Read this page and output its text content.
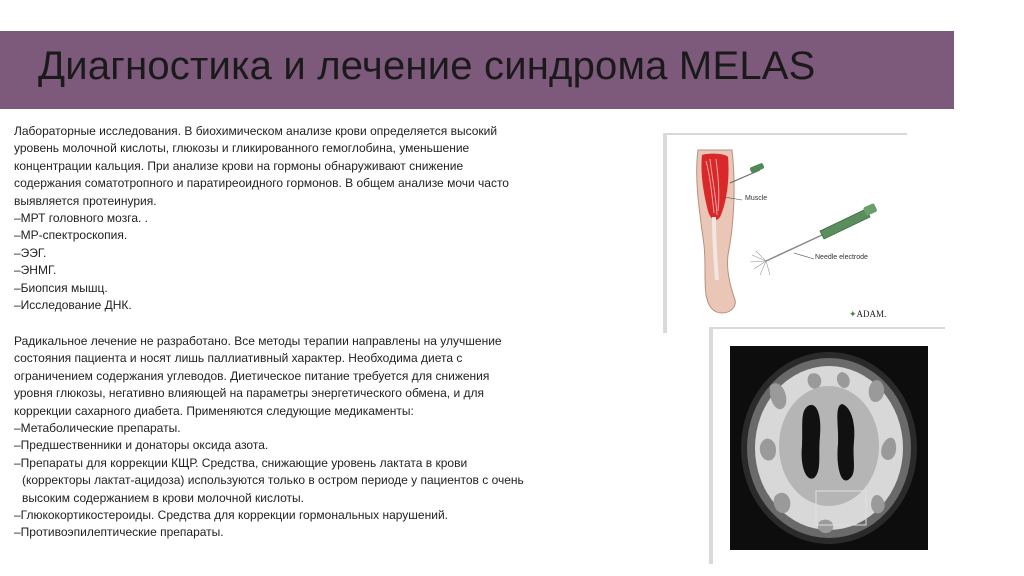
Диагностика и лечение синдрома MELAS
Лабораторные исследования. В биохимическом анализе крови определяется высокий
уровень молочной кислоты, глюкозы и гликированного гемоглобина, уменьшение
концентрации кальция. При анализе крови на гормоны обнаруживают снижение
содержания соматотропного и паратиреоидного гормонов. В общем анализе мочи часто
выявляется протеинурия.
–МРТ головного мозга. .
–МР-спектроскопия.
–ЭЭГ.
–ЭНМГ.
–Биопсия мышц.
–Исследование ДНК.
Радикальное лечение не разработано. Все методы терапии направлены на улучшение
состояния пациента и носят лишь паллиативный характер. Необходима диета с
ограничением содержания углеводов. Диетическое питание требуется для снижения
уровня глюкозы, негативно влияющей на параметры энергетического обмена, и для
коррекции сахарного диабета. Применяются следующие медикаменты:
–Метаболические препараты.
–Предшественники и донаторы оксида азота.
–Препараты для коррекции КЩР. Средства, снижающие уровень лактата в крови
(корректоры лактат-ацидоза) используются только в остром периоде у пациентов с очень
высоким содержанием в крови молочной кислоты.
–Глюкокортикостероиды. Средства для коррекции гормональных нарушений.
–Противоэпилептические препараты.
Muscle
Needle electrode
✦ADAM.
